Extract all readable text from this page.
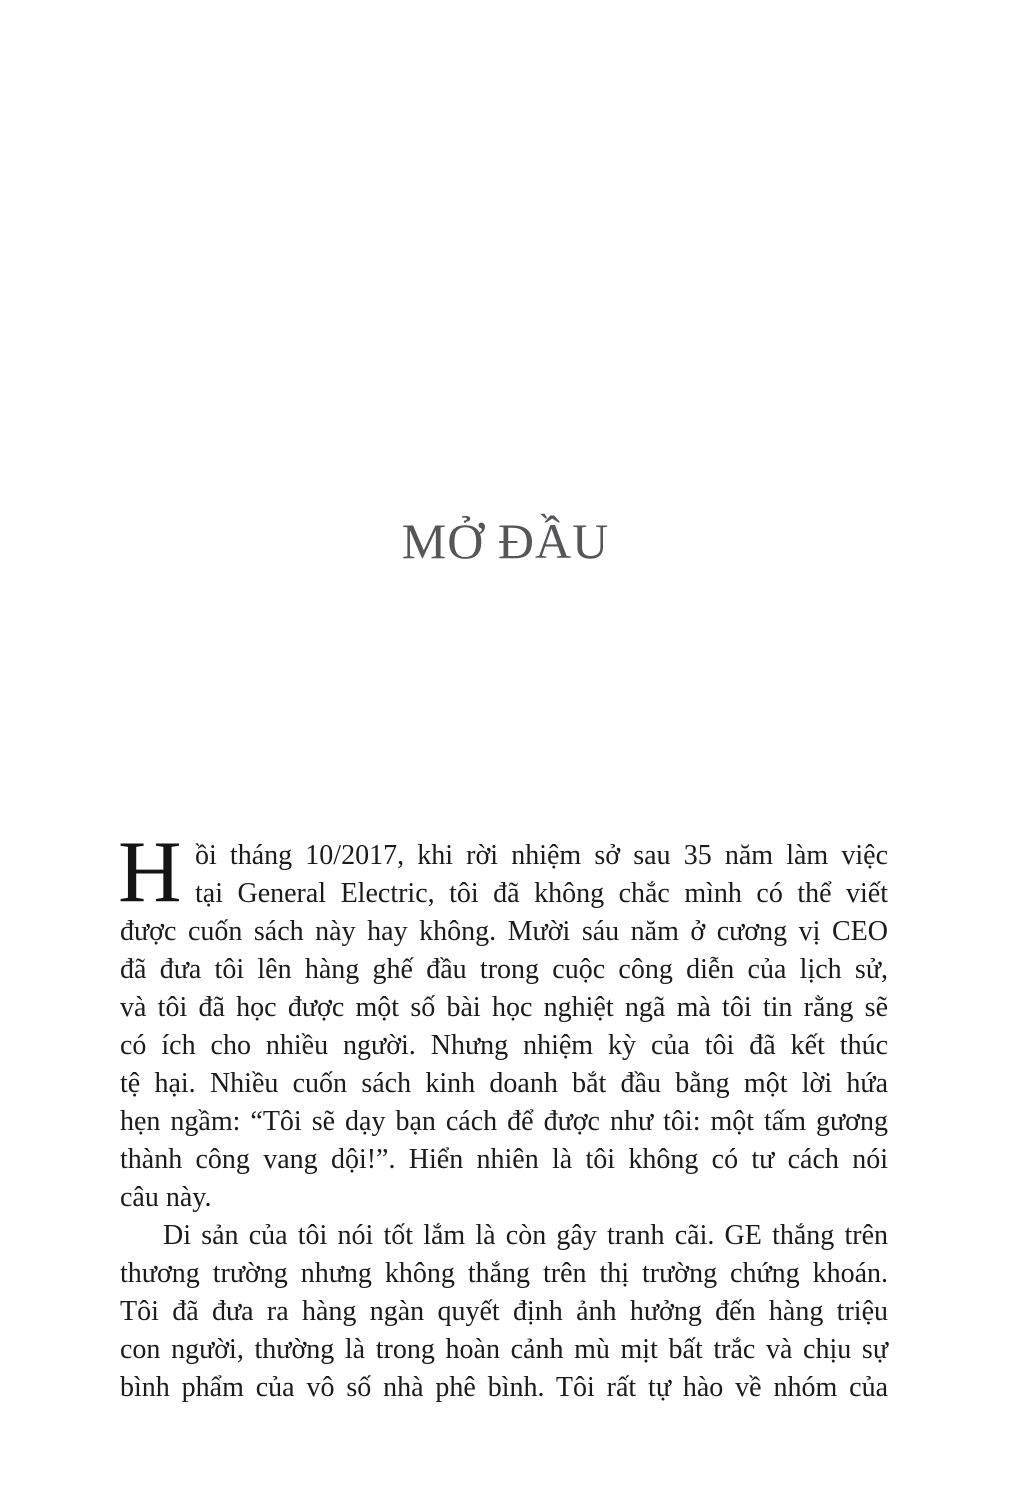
MỞ ĐẦU
H ồi tháng 10/2017, khi rời nhiệm sở sau 35 năm làm việc
tại General Electric, tôi đã không chắc mình có thể viết
được cuốn sách này hay không. Mười sáu năm ở cương vị CEO
đã đưa tôi lên hàng ghế đầu trong cuộc công diễn của lịch sử,
và tôi đã học được một số bài học nghiệt ngã mà tôi tin rằng sẽ
có ích cho nhiều người. Nhưng nhiệm kỳ của tôi đã kết thúc
tệ hại. Nhiều cuốn sách kinh doanh bắt đầu bằng một lời hứa
hẹn ngầm: “Tôi sẽ dạy bạn cách để được như tôi: một tấm gương
thành công vang dội!”. Hiển nhiên là tôi không có tư cách nói
câu này.
Di sản của tôi nói tốt lắm là còn gây tranh cãi. GE thắng trên
thương trường nhưng không thắng trên thị trường chứng khoán.
Tôi đã đưa ra hàng ngàn quyết định ảnh hưởng đến hàng triệu
con người, thường là trong hoàn cảnh mù mịt bất trắc và chịu sự
bình phẩm của vô số nhà phê bình. Tôi rất tự hào về nhóm của
